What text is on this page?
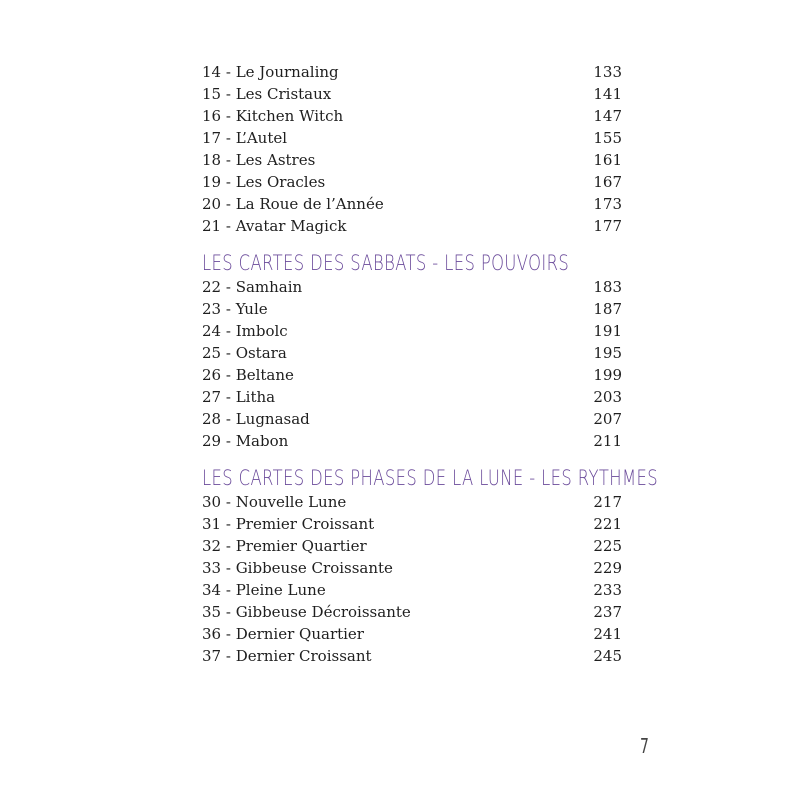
14 - Le Journaling	133
15 - Les Cristaux	141
16 - Kitchen Witch	147
17 - L’Autel	155
18 - Les Astres	161
19 - Les Oracles	167
20 - La Roue de l’Année	173
21 - Avatar Magick	177
LES CARTES DES SABBATS - LES POUVOIRS
22 - Samhain	183
23 - Yule	187
24 - Imbolc	191
25 - Ostara	195
26 - Beltane	199
27 - Litha	203
28 - Lugnasad	207
29 - Mabon	211
LES CARTES DES PHASES DE LA LUNE - LES RYTHMES
30 - Nouvelle Lune	217
31 - Premier Croissant	221
32 - Premier Quartier	225
33 - Gibbeuse Croissante	229
34 - Pleine Lune	233
35 - Gibbeuse Décroissante	237
36 - Dernier Quartier	241
37 - Dernier Croissant	245
7
